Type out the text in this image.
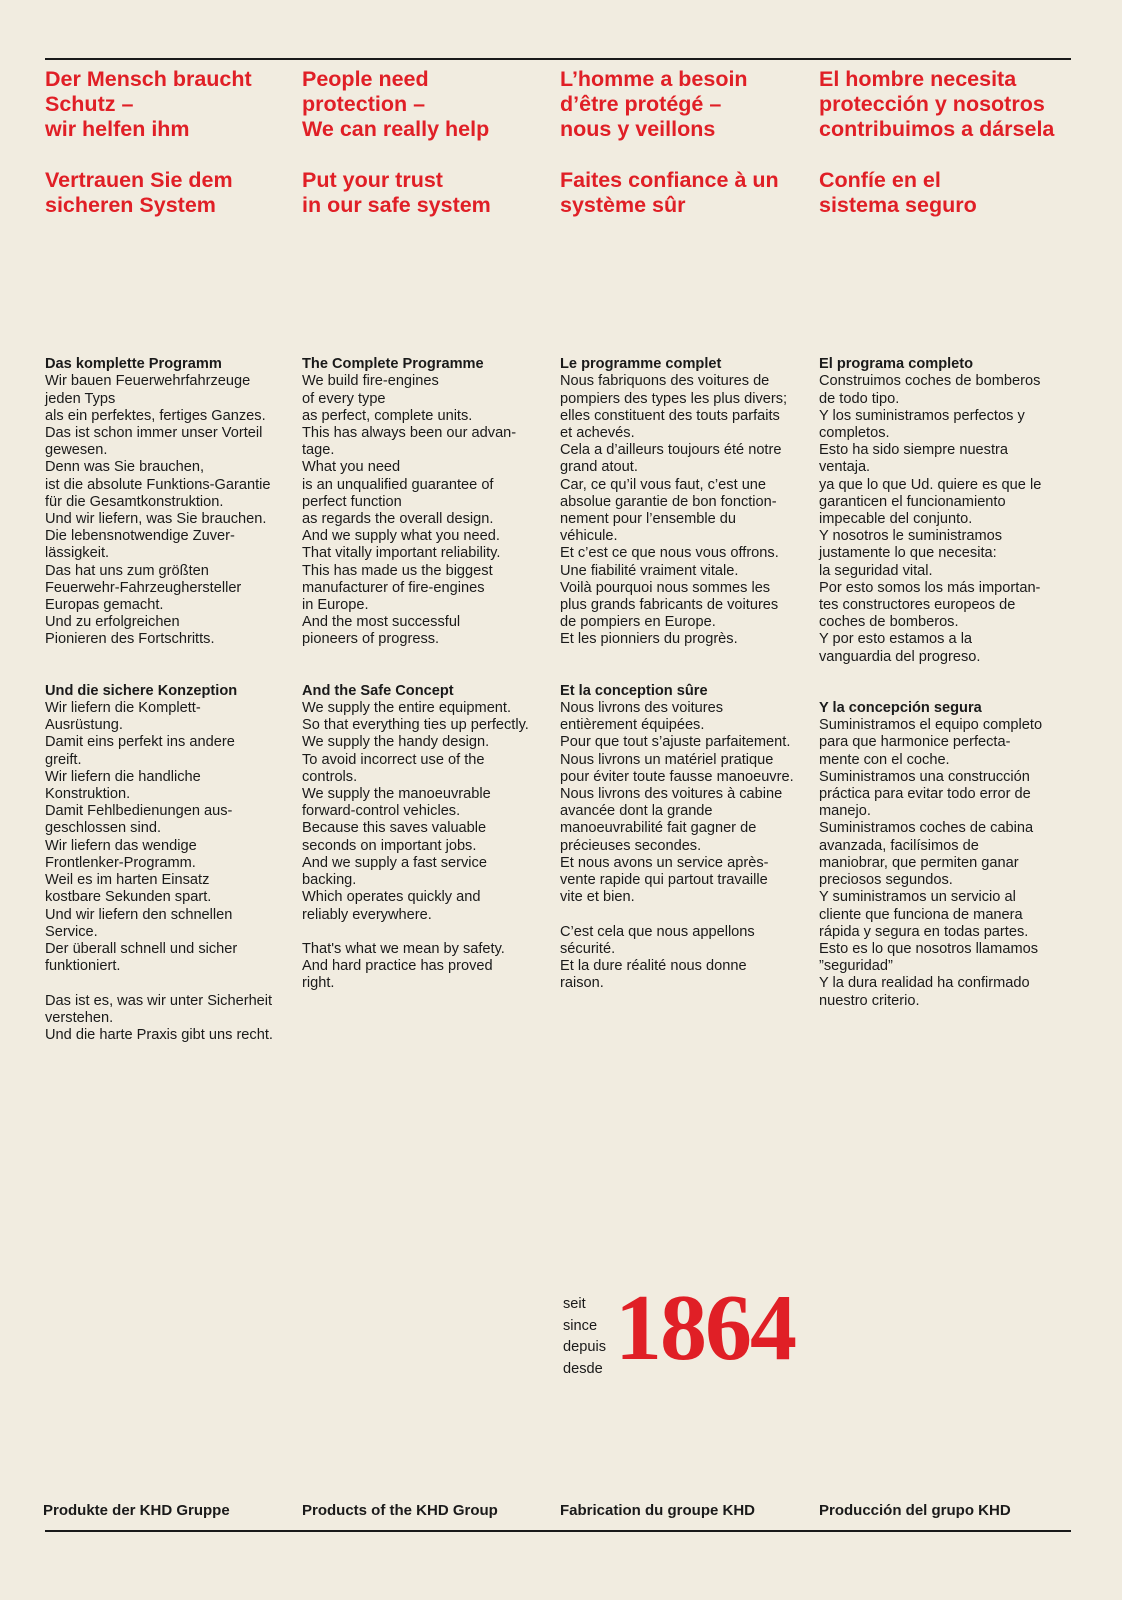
Der Mensch braucht
Schutz –
wir helfen ihm

Vertrauen Sie dem
sicheren System

Das komplette Programm
Wir bauen Feuerwehrfahrzeuge
jeden Typs
als ein perfektes, fertiges Ganzes.
Das ist schon immer unser Vorteil
gewesen.
Denn was Sie brauchen,
ist die absolute Funktions-Garantie
für die Gesamtkonstruktion.
Und wir liefern, was Sie brauchen.
Die lebensnotwendige Zuver-
lässigkeit.
Das hat uns zum größten
Feuerwehr-Fahrzeughersteller
Europas gemacht.
Und zu erfolgreichen
Pionieren des Fortschritts.

Und die sichere Konzeption
Wir liefern die Komplett-
Ausrüstung.
Damit eins perfekt ins andere
greift.
Wir liefern die handliche
Konstruktion.
Damit Fehlbedienungen aus-
geschlossen sind.
Wir liefern das wendige
Frontlenker-Programm.
Weil es im harten Einsatz
kostbare Sekunden spart.
Und wir liefern den schnellen
Service.
Der überall schnell und sicher
funktioniert.

Das ist es, was wir unter Sicherheit
verstehen.
Und die harte Praxis gibt uns recht.

People need
protection –
We can really help

Put your trust
in our safe system

The Complete Programme
We build fire-engines
of every type
as perfect, complete units.
This has always been our advan-
tage.
What you need
is an unqualified guarantee of
perfect function
as regards the overall design.
And we supply what you need.
That vitally important reliability.
This has made us the biggest
manufacturer of fire-engines
in Europe.
And the most successful
pioneers of progress.

And the Safe Concept
We supply the entire equipment.
So that everything ties up perfectly.
We supply the handy design.
To avoid incorrect use of the
controls.
We supply the manoeuvrable
forward-control vehicles.
Because this saves valuable
seconds on important jobs.
And we supply a fast service
backing.
Which operates quickly and
reliably everywhere.

That's what we mean by safety.
And hard practice has proved
right.

L’homme a besoin
d’être protégé –
nous y veillons

Faites confiance à un
système sûr

Le programme complet
Nous fabriquons des voitures de
pompiers des types les plus divers;
elles constituent des touts parfaits
et achevés.
Cela a d’ailleurs toujours été notre
grand atout.
Car, ce qu’il vous faut, c’est une
absolue garantie de bon fonction-
nement pour l’ensemble du
véhicule.
Et c’est ce que nous vous offrons.
Une fiabilité vraiment vitale.
Voilà pourquoi nous sommes les
plus grands fabricants de voitures
de pompiers en Europe.
Et les pionniers du progrès.

Et la conception sûre
Nous livrons des voitures
entièrement équipées.
Pour que tout s’ajuste parfaitement.
Nous livrons un matériel pratique
pour éviter toute fausse manoeuvre.
Nous livrons des voitures à cabine
avancée dont la grande
manoeuvrabilité fait gagner de
précieuses secondes.
Et nous avons un service après-
vente rapide qui partout travaille
vite et bien.

C’est cela que nous appellons
sécurité.
Et la dure réalité nous donne
raison.

El hombre necesita
protección y nosotros
contribuimos a dársela

Confíe en el
sistema seguro

El programa completo
Construimos coches de bomberos
de todo tipo.
Y los suministramos perfectos y
completos.
Esto ha sido siempre nuestra
ventaja.
ya que lo que Ud. quiere es que le
garanticen el funcionamiento
impecable del conjunto.
Y nosotros le suministramos
justamente lo que necesita:
la seguridad vital.
Por esto somos los más importan-
tes constructores europeos de
coches de bomberos.
Y por esto estamos a la
vanguardia del progreso.

Y la concepción segura
Suministramos el equipo completo
para que harmonice perfecta-
mente con el coche.
Suministramos una construcción
práctica para evitar todo error de
manejo.
Suministramos coches de cabina
avanzada, facilísimos de
maniobrar, que permiten ganar
preciosos segundos.
Y suministramos un servicio al
cliente que funciona de manera
rápida y segura en todas partes.
Esto es lo que nosotros llamamos
”seguridad”
Y la dura realidad ha confirmado
nuestro criterio.

seit
since
depuis
desde 1864
Produkte der KHD Gruppe	Products of the KHD Group	Fabrication du groupe KHD	Producción del grupo KHD
